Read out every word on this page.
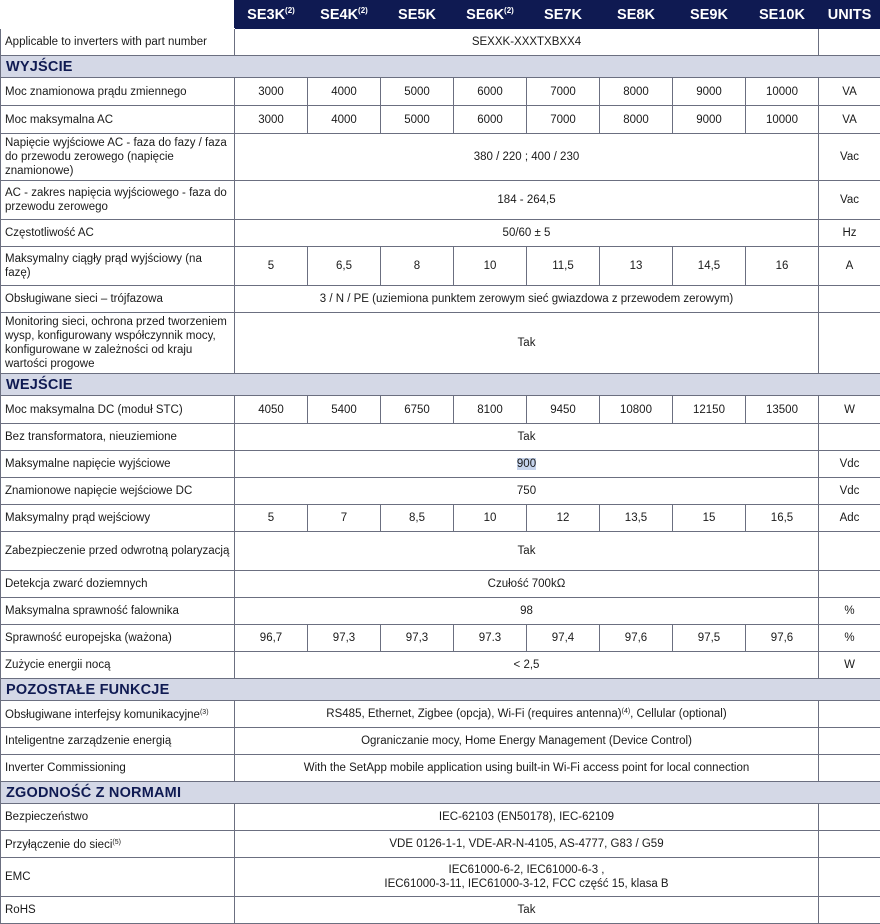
	$SE3K^{(2)}$	$SE4K^{(2)}$	SE5K	$SE6K^{(2)}$	SE7K	SE8K	SE9K	SE10K	UNITS
Applicable to inverters with part number	SEXXK-XXXTXBXX4								
WYJŚCIE									
Moc znamionowa prądu zmiennego	3000	4000	5000	6000	7000	8000	9000	10000	VA
Moc maksymalna AC	3000	4000	5000	6000	7000	8000	9000	10000	VA
Napięcie wyjściowe AC - faza do fazy / faza do przewodu zerowego (napięcie znamionowe)	380 / 220 ; 400 / 230								Vac
AC - zakres napięcia wyjściowego - faza do przewodu zerowego	184 - 264,5								Vac
Częstotliwość AC	50/60 ± 5								Hz
Maksymalny ciągły prąd wyjściowy (na fazę)	5	6,5	8	10	11,5	13	14,5	16	A
Obsługiwane sieci – trójfazowa	3 / N / PE (uziemiona punktem zerowym sieć gwiazdowa z przewodem zerowym)								
Monitoring sieci, ochrona przed tworzeniem wysp, konfigurowany współczynnik mocy, konfigurowane w zależności od kraju wartości progowe	Tak								
WEJŚCIE									
Moc maksymalna DC (moduł STC)	4050	5400	6750	8100	9450	10800	12150	13500	W
Bez transformatora, nieuziemione	Tak								
Maksymalne napięcie wyjściowe	900								Vdc
Znamionowe napięcie wejściowe DC	750								Vdc
Maksymalny prąd wejściowy	5	7	8,5	10	12	13,5	15	16,5	Adc
Zabezpieczenie przed odwrotną polaryzacją	Tak								
Detekcja zwarć doziemnych	Czułość 700kΩ								
Maksymalna sprawność falownika	98								%
Sprawność europejska (ważona)	96,7	97,3	97,3	97.3	97,4	97,6	97,5	97,6	%
Zużycie energii nocą	< 2,5								W
POZOSTAŁE FUNKCJE									
Obsługiwane interfejsy komunikacyjne$^{(3)}$	RS485, Ethernet, Zigbee (opcja), Wi-Fi (requires antenna)$^{(4)}$, Cellular (optional)								
Inteligentne zarządzenie energią	Ograniczanie mocy, Home Energy Management (Device Control)								
Inverter Commissioning	With the SetApp mobile application using built-in Wi-Fi access point for local connection								
ZGODNOŚĆ Z NORMAMI									
Bezpieczeństwo	IEC-62103 (EN50178), IEC-62109								
Przyłączenie do sieci$^{(5)}$	VDE 0126-1-1, VDE-AR-N-4105, AS-4777, G83 / G59								
EMC	IEC61000-6-2, IEC61000-6-3 ,
IEC61000-3-11, IEC61000-3-12, FCC część 15, klasa B								
RoHS	Tak								
